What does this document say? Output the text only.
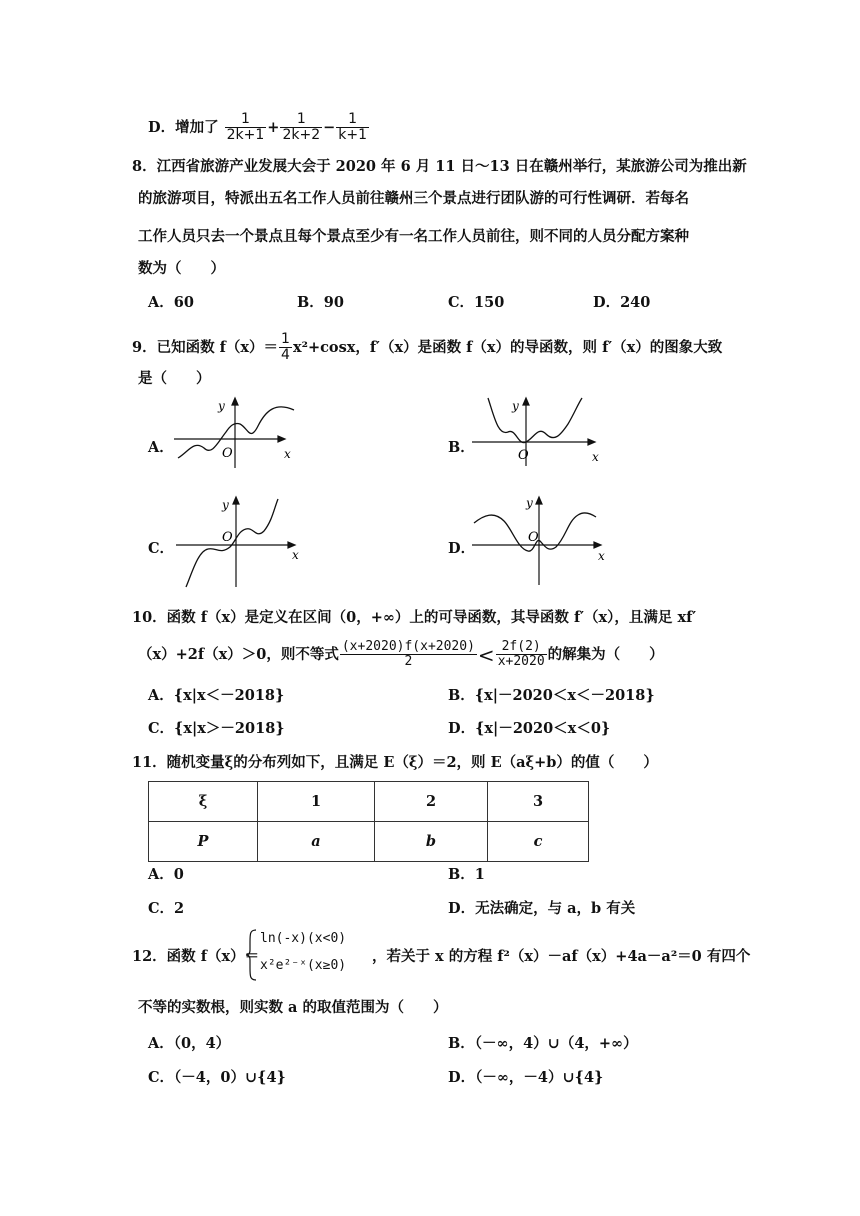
D．增加了 $\frac{1}{2k+1} + \frac{1}{2k+2} - \frac{1}{k+1}$
8．江西省旅游产业发展大会于 2020 年 6 月 11 日～13 日在赣州举行，某旅游公司为推出新
的旅游项目，特派出五名工作人员前往赣州三个景点进行团队游的可行性调研．若每名
工作人员只去一个景点且每个景点至少有一名工作人员前往，则不同的人员分配方案种
数为（　　）
A．60	B．90	C．150	D．240
9．已知函数 $f(x)= \frac{1}{4} x^2+\cos x$，f′（x）是函数 f（x）的导函数，则 f′（x）的图象大致
是（　　）
A．	B．
C．	D．
y
x
O
y
x
O
y
x
O
y
x
O
10．函数 f（x）是定义在区间（0，+∞）上的可导函数，其导函数 f′（x），且满足 xf′
（x）+2f（x）＞0，则不等式 $\frac{(x+2020)f(x+2020)}{2} < \frac{2f(2)}{x+2020}$ 的解集为（　　）
A．{x|x＜－2018}	B．{x|－2020＜x＜－2018}
C．{x|x＞－2018}	D．{x|－2020＜x＜0}
11．随机变量ξ的分布列如下，且满足 E（ξ）＝2，则 E（aξ+b）的值（　　）
ξ	1	2	3
P	a	b	c
A．0	B．1
C．2	D．无法确定，与 a，b 有关
12．函数 f（x）＝
ln(-x)(x<0)
x²e²⁻ˣ(x≥0)
，若关于 x 的方程 f²（x）－af（x）+4a－a²＝0 有四个
不等的实数根，则实数 a 的取值范围为（　　）
A．（0，4）	B．（－∞，4）∪（4，+∞）
C．（－4，0）∪{4}	D．（－∞，－4）∪{4}
